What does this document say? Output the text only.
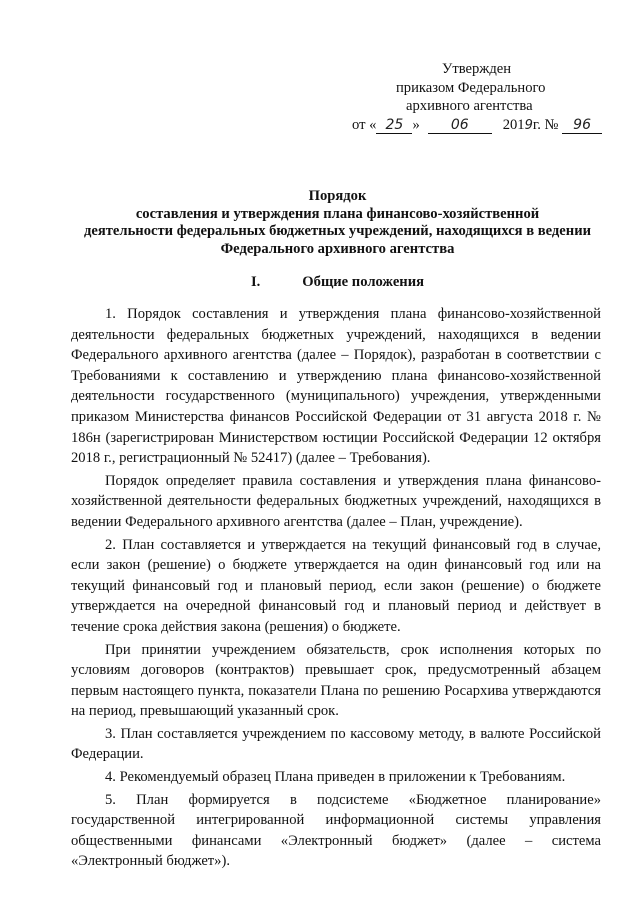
Утвержден
приказом Федерального
архивного агентства
от « 25 » 06 2019г. № 96
Порядок
составления и утверждения плана финансово-хозяйственной
деятельности федеральных бюджетных учреждений, находящихся в ведении
Федерального архивного агентства
I.	Общие положения

1. Порядок составления и утверждения плана финансово-хозяйственной деятельности федеральных бюджетных учреждений, находящихся в ведении Федерального архивного агентства (далее – Порядок), разработан в соответствии с Требованиями к составлению и утверждению плана финансово-хозяйственной деятельности государственного (муниципального) учреждения, утвержденными приказом Министерства финансов Российской Федерации от 31 августа 2018 г. № 186н (зарегистрирован Министерством юстиции Российской Федерации 12 октября 2018 г., регистрационный № 52417) (далее – Требования).

Порядок определяет правила составления и утверждения плана финансово-хозяйственной деятельности федеральных бюджетных учреждений, находящихся в ведении Федерального архивного агентства (далее – План, учреждение).

2. План составляется и утверждается на текущий финансовый год в случае, если закон (решение) о бюджете утверждается на один финансовый год или на текущий финансовый год и плановый период, если закон (решение) о бюджете утверждается на очередной финансовый год и плановый период и действует в течение срока действия закона (решения) о бюджете.

При принятии учреждением обязательств, срок исполнения которых по условиям договоров (контрактов) превышает срок, предусмотренный абзацем первым настоящего пункта, показатели Плана по решению Росархива утверждаются на период, превышающий указанный срок.

3. План составляется учреждением по кассовому методу, в валюте Российской Федерации.

4. Рекомендуемый образец Плана приведен в приложении к Требованиям.

5. План формируется в подсистеме «Бюджетное планирование» государственной интегрированной информационной системы управления общественными финансами «Электронный бюджет» (далее – система «Электронный бюджет»).
